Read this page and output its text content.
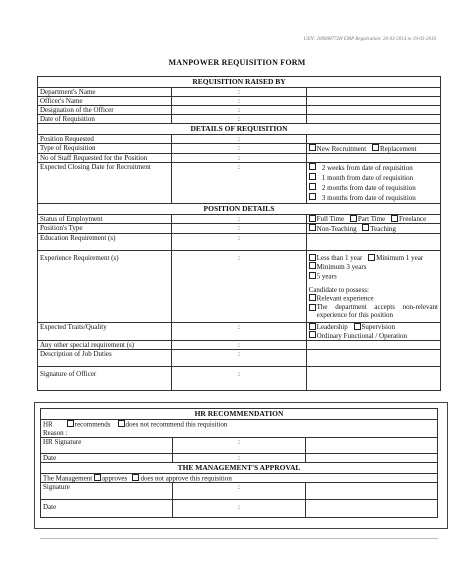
UEN: 200808772H EMP Registration: 20-03-2014 to 19-03-2016
MANPOWER REQUISITION FORM
REQUISITION RAISED BY		
Department's Name	:	
Officer's Name	:	
Designation of the Officer	:	
Date of Requisition	:	
DETAILS OF REQUISITION		
Position Requested	:	
Type of Requisition	:	New Recruitment Replacement
No of Staff Requested for the Position	:	
Expected Closing Date for Recruitment	:	2 weeks from date of requisition
1 month from date of requisition
2 months from date of requisition
3 months from date of requisition

POSITION DETAILS		
Status of Employment	:	Full Time Part Time Freelance
Position's Type	:	Non-Teaching Teaching
Education Requirement (s)	:	
Experience Requirement (s)	:	Less than 1 year Minimum 1 year Minimum 3 years
5 years
Candidate to possess:
Relevant experience
The department accepts non-relevant experience for this position

Expected Traits/Quality	:	Leadership Supervision Ordinary Functional / Operation
Any other special requirement (s)	:	
Description of Job Duties	:	
Signature of Officer	:	
HR RECOMMENDATION		
HR recommends does not recommend this requisition
Reason :		

HR Signature	:	
Date	:	
THE MANAGEMENT'S APPROVAL		
The Management approves does not approve this requisition		
Signature	:	
Date	:	
